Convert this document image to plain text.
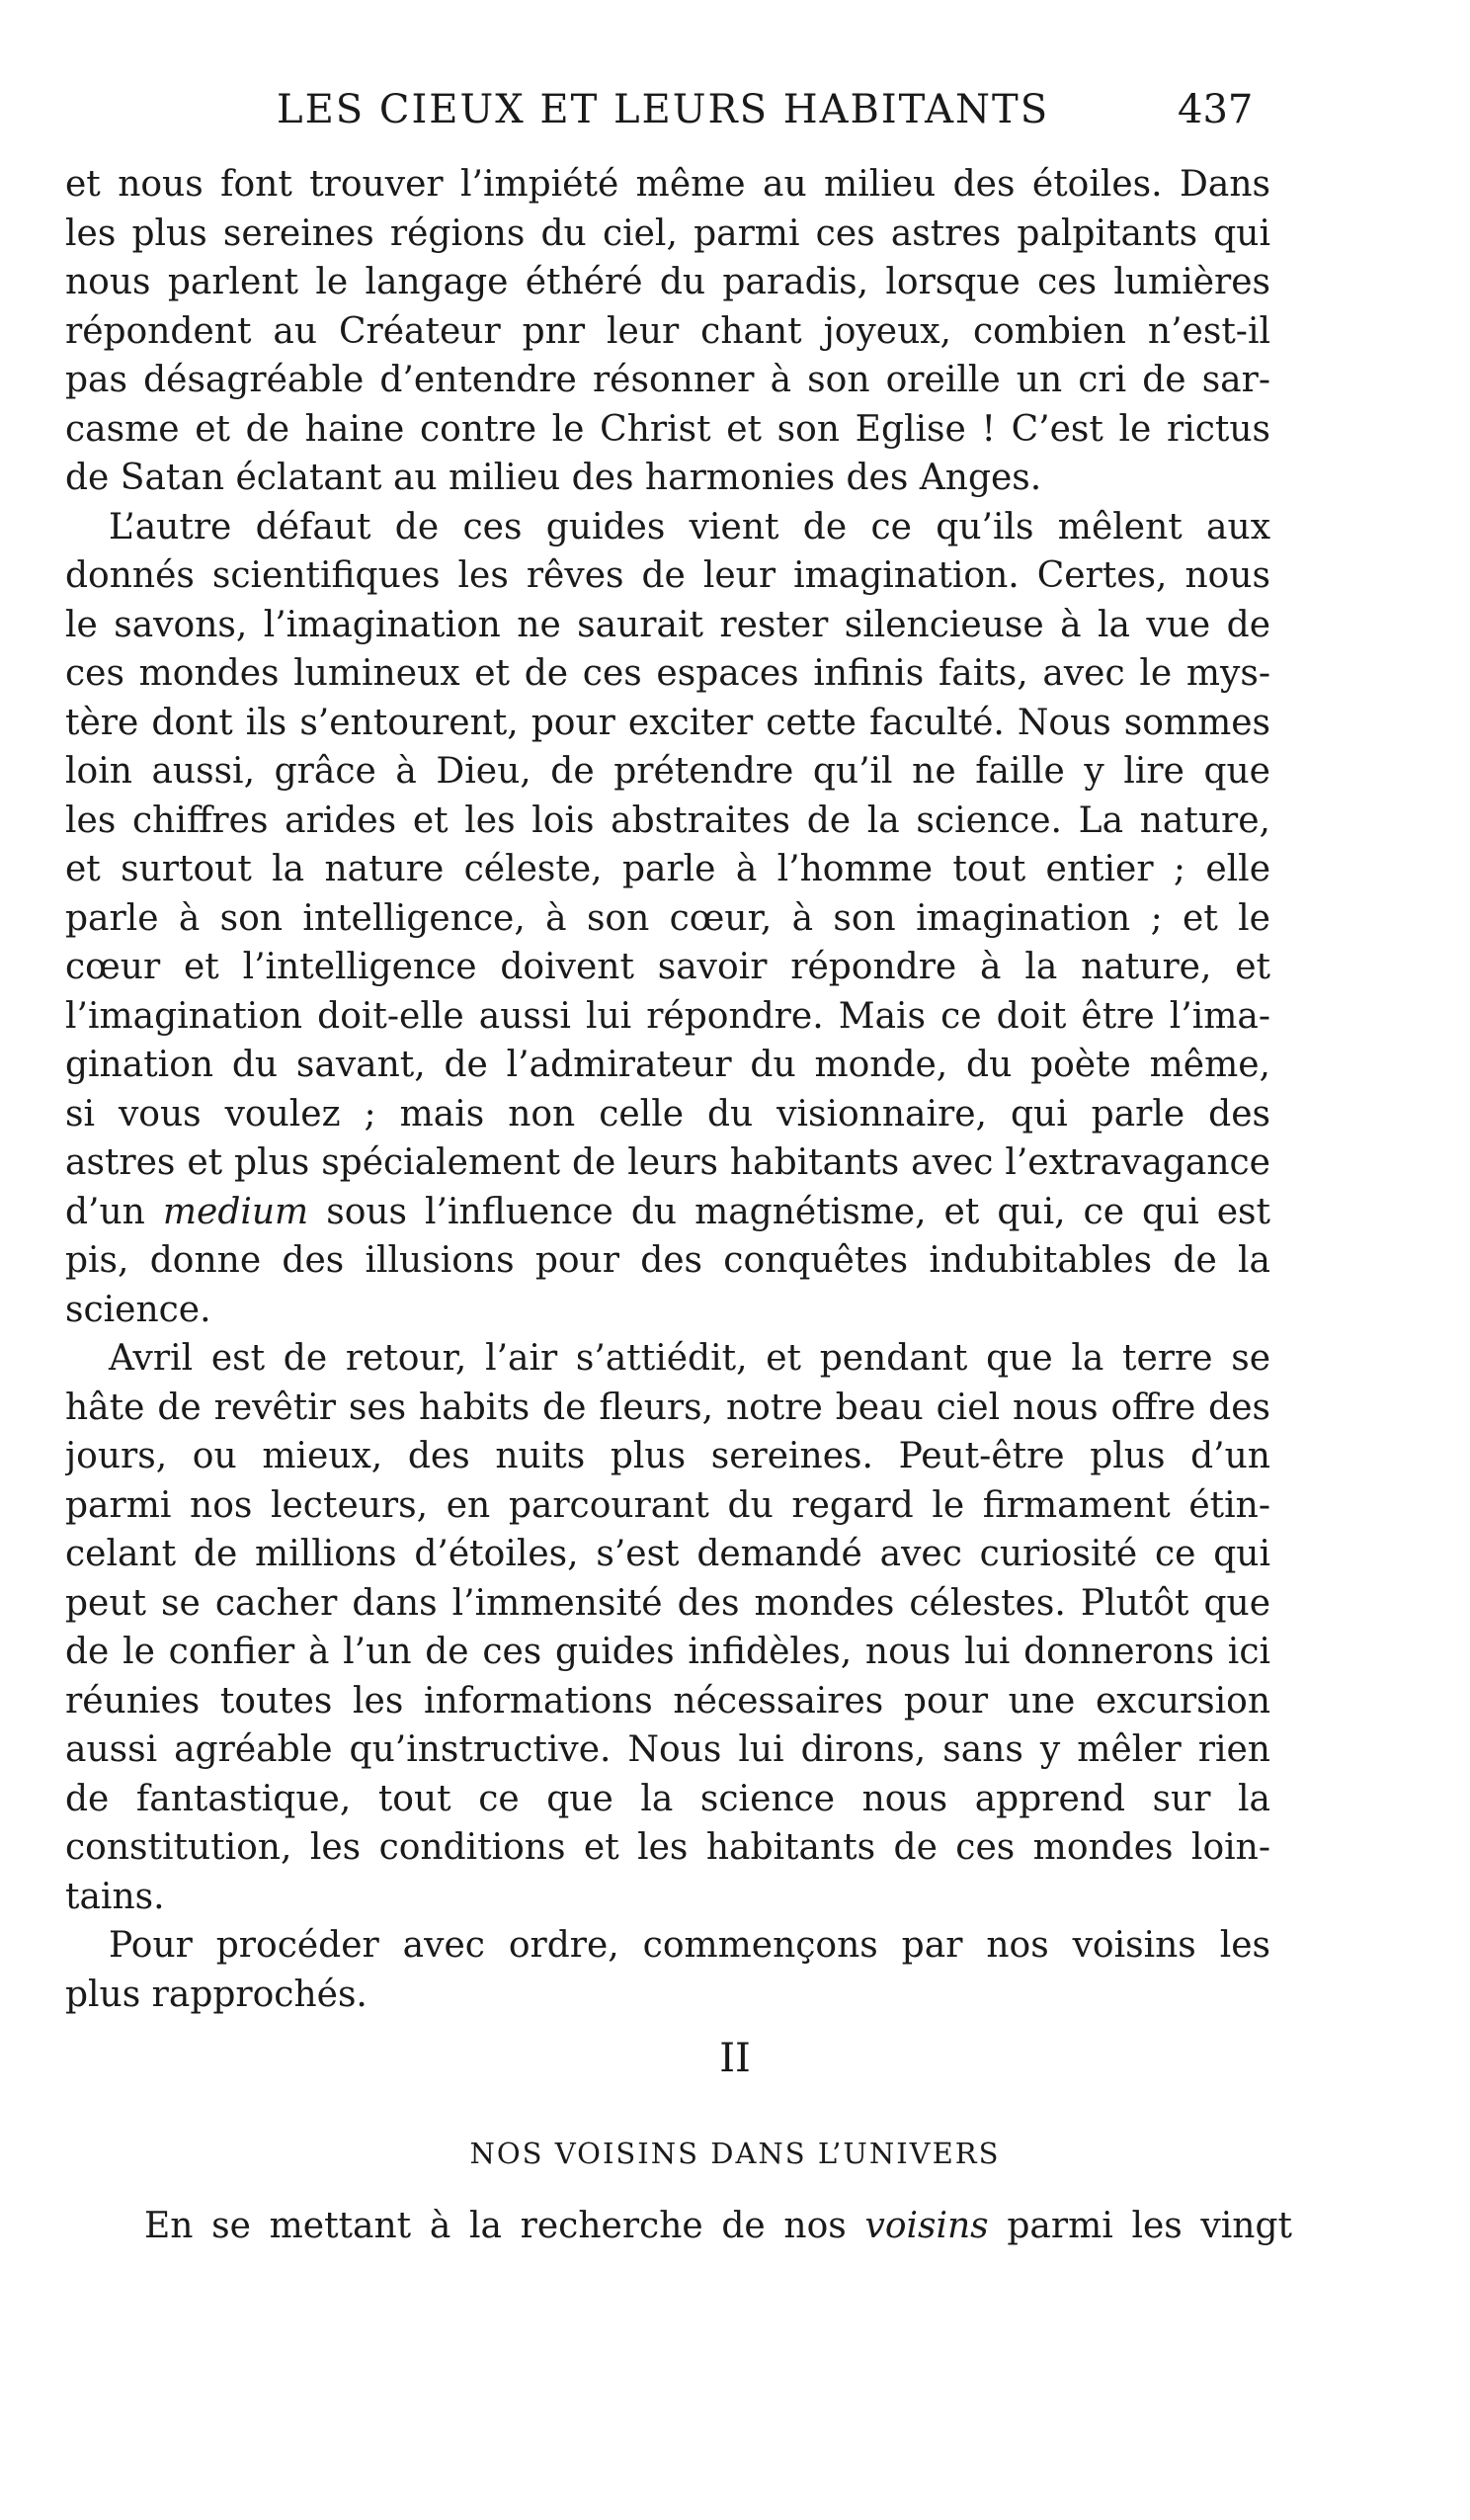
LES CIEUX ET LEURS HABITANTS	437
et nous font trouver l’impiété même au milieu des étoiles. Dans
les plus sereines régions du ciel, parmi ces astres palpitants qui
nous parlent le langage éthéré du paradis, lorsque ces lumières
répondent au Créateur pnr leur chant joyeux, combien n’est-il
pas désagréable d’entendre résonner à son oreille un cri de sar-
casme et de haine contre le Christ et son Eglise ! C’est le rictus
de Satan éclatant au milieu des harmonies des Anges.
L’autre défaut de ces guides vient de ce qu’ils mêlent aux
donnés scientifiques les rêves de leur imagination. Certes, nous
le savons, l’imagination ne saurait rester silencieuse à la vue de
ces mondes lumineux et de ces espaces infinis faits, avec le mys-
tère dont ils s’entourent, pour exciter cette faculté. Nous sommes
loin aussi, grâce à Dieu, de prétendre qu’il ne faille y lire que
les chiffres arides et les lois abstraites de la science. La nature,
et surtout la nature céleste, parle à l’homme tout entier ; elle
parle à son intelligence, à son cœur, à son imagination ; et le
cœur et l’intelligence doivent savoir répondre à la nature, et
l’imagination doit-elle aussi lui répondre. Mais ce doit être l’ima-
gination du savant, de l’admirateur du monde, du poète même,
si vous voulez ; mais non celle du visionnaire, qui parle des
astres et plus spécialement de leurs habitants avec l’extravagance
d’un medium sous l’influence du magnétisme, et qui, ce qui est
pis, donne des illusions pour des conquêtes indubitables de la
science.
Avril est de retour, l’air s’attiédit, et pendant que la terre se
hâte de revêtir ses habits de fleurs, notre beau ciel nous offre des
jours, ou mieux, des nuits plus sereines. Peut-être plus d’un
parmi nos lecteurs, en parcourant du regard le firmament étin-
celant de millions d’étoiles, s’est demandé avec curiosité ce qui
peut se cacher dans l’immensité des mondes célestes. Plutôt que
de le confier à l’un de ces guides infidèles, nous lui donnerons ici
réunies toutes les informations nécessaires pour une excursion
aussi agréable qu’instructive. Nous lui dirons, sans y mêler rien
de fantastique, tout ce que la science nous apprend sur la
constitution, les conditions et les habitants de ces mondes loin-
tains.
Pour procéder avec ordre, commençons par nos voisins les
plus rapprochés.
II
NOS VOISINS DANS L’UNIVERS
En se mettant à la recherche de nos voisins parmi les vingt
